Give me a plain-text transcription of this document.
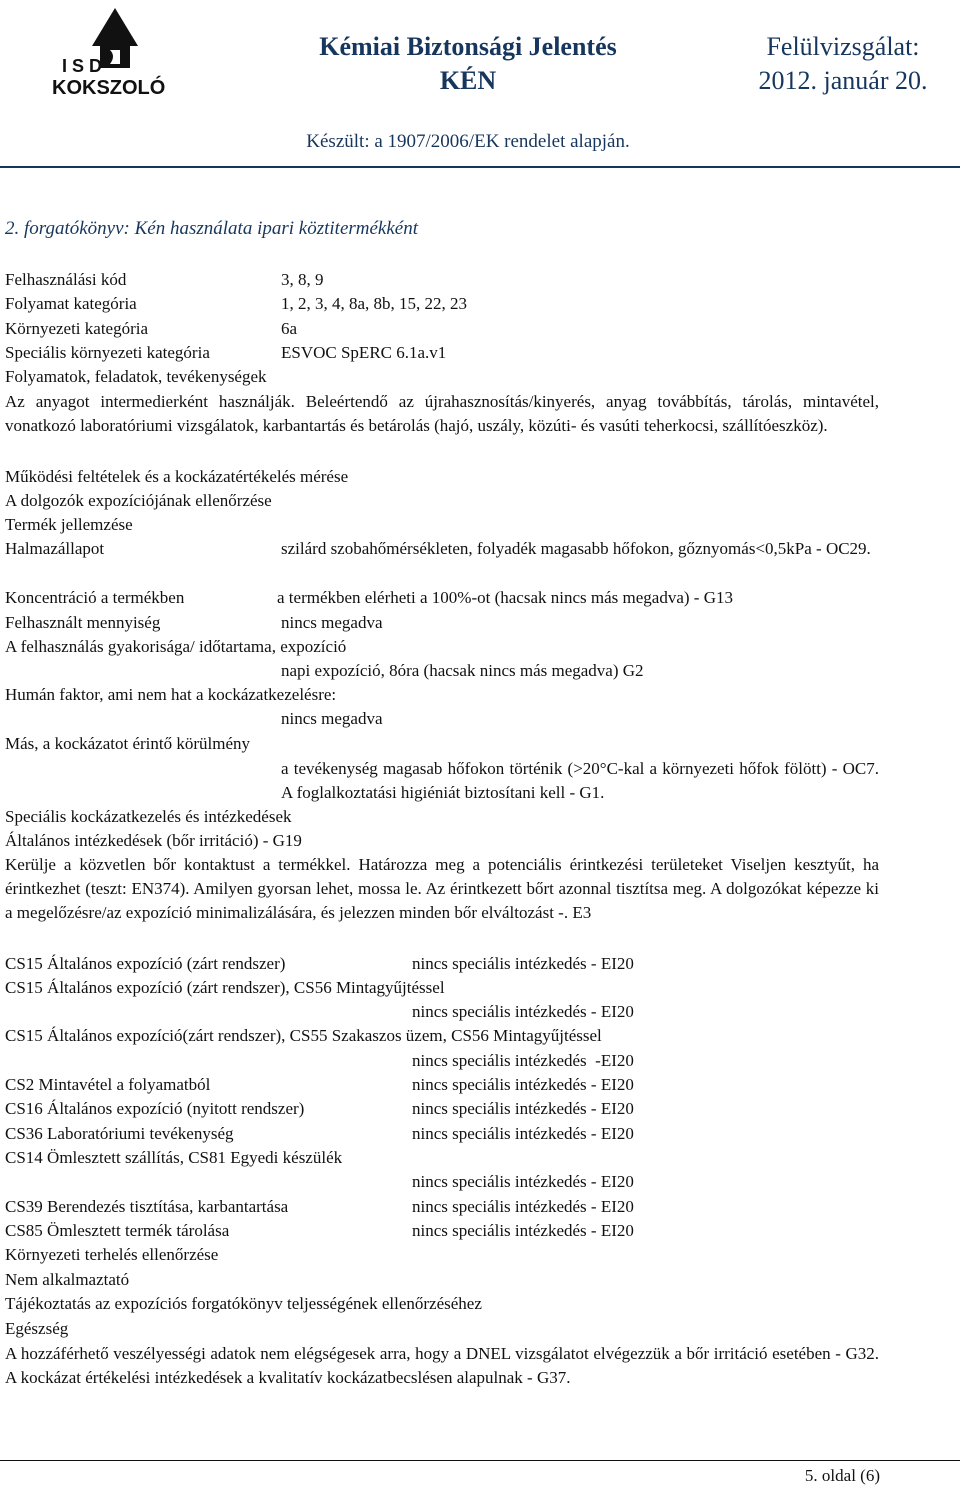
I S D
KOKSZOLÓ
Kémiai Biztonsági Jelentés
KÉN
Felülvizsgálat:
2012. január 20.
Készült: a 1907/2006/EK rendelet alapján.
2. forgatókönyv: Kén használata ipari köztitermékként
Felhasználási kód	3, 8, 9
Folyamat kategória	1, 2, 3, 4, 8a, 8b, 15, 22, 23
Környezeti kategória	6a
Speciális környezeti kategória	ESVOC SpERC 6.1a.v1
Folyamatok, feladatok, tevékenységek
Az anyagot intermedierként használják. Beleértendő az újrahasznosítás/kinyerés, anyag továbbítás, tárolás, mintavétel, vonatkozó laboratóriumi vizsgálatok, karbantartás és betárolás (hajó, uszály, közúti- és vasúti teherkocsi, szállítóeszköz).
Működési feltételek és a kockázatértékelés mérése
A dolgozók expozíciójának ellenőrzése
Termék jellemzése
Halmazállapot	szilárd szobahőmérsékleten, folyadék magasabb hőfokon, gőznyomás<0,5kPa - OC29.
Koncentráció a termékben	a termékben elérheti a 100%-ot (hacsak nincs más megadva) - G13
Felhasznált mennyiség	nincs megadva
A felhasználás gyakorisága/ időtartama, expozíció
napi expozíció, 8óra (hacsak nincs más megadva) G2
Humán faktor, ami nem hat a kockázatkezelésre:
nincs megadva
Más, a kockázatot érintő körülmény
a tevékenység magasab hőfokon történik (>20°C-kal a környezeti hőfok fölött) - OC7. A foglalkoztatási higiéniát biztosítani kell - G1.
Speciális kockázatkezelés és intézkedések
Általános intézkedések (bőr irritáció) - G19
Kerülje a közvetlen bőr kontaktust a termékkel. Határozza meg a potenciális érintkezési területeket Viseljen kesztyűt, ha érintkezhet (teszt: EN374). Amilyen gyorsan lehet, mossa le. Az érintkezett bőrt azonnal tisztítsa meg. A dolgozókat képezze ki a megelőzésre/az expozíció minimalizálására, és jelezzen minden bőr elváltozást -. E3
CS15 Általános expozíció (zárt rendszer)	nincs speciális intézkedés - EI20
CS15 Általános expozíció (zárt rendszer), CS56 Mintagyűjtéssel
nincs speciális intézkedés - EI20
CS15 Általános expozíció(zárt rendszer), CS55 Szakaszos üzem, CS56 Mintagyűjtéssel
nincs speciális intézkedés  -EI20
CS2 Mintavétel a folyamatból	nincs speciális intézkedés - EI20
CS16 Általános expozíció (nyitott rendszer)	nincs speciális intézkedés - EI20
CS36 Laboratóriumi tevékenység	nincs speciális intézkedés - EI20
CS14 Ömlesztett szállítás, CS81 Egyedi készülék
nincs speciális intézkedés - EI20
CS39 Berendezés tisztítása, karbantartása	nincs speciális intézkedés - EI20
CS85 Ömlesztett termék tárolása	nincs speciális intézkedés - EI20
Környezeti terhelés ellenőrzése
Nem alkalmaztató
Tájékoztatás az expozíciós forgatókönyv teljességének ellenőrzéséhez
Egészség
A hozzáférhető veszélyességi adatok nem elégségesek arra, hogy a DNEL vizsgálatot elvégezzük a bőr irritáció esetében - G32. A kockázat értékelési intézkedések a kvalitatív kockázatbecslésen alapulnak - G37.
5. oldal (6)
